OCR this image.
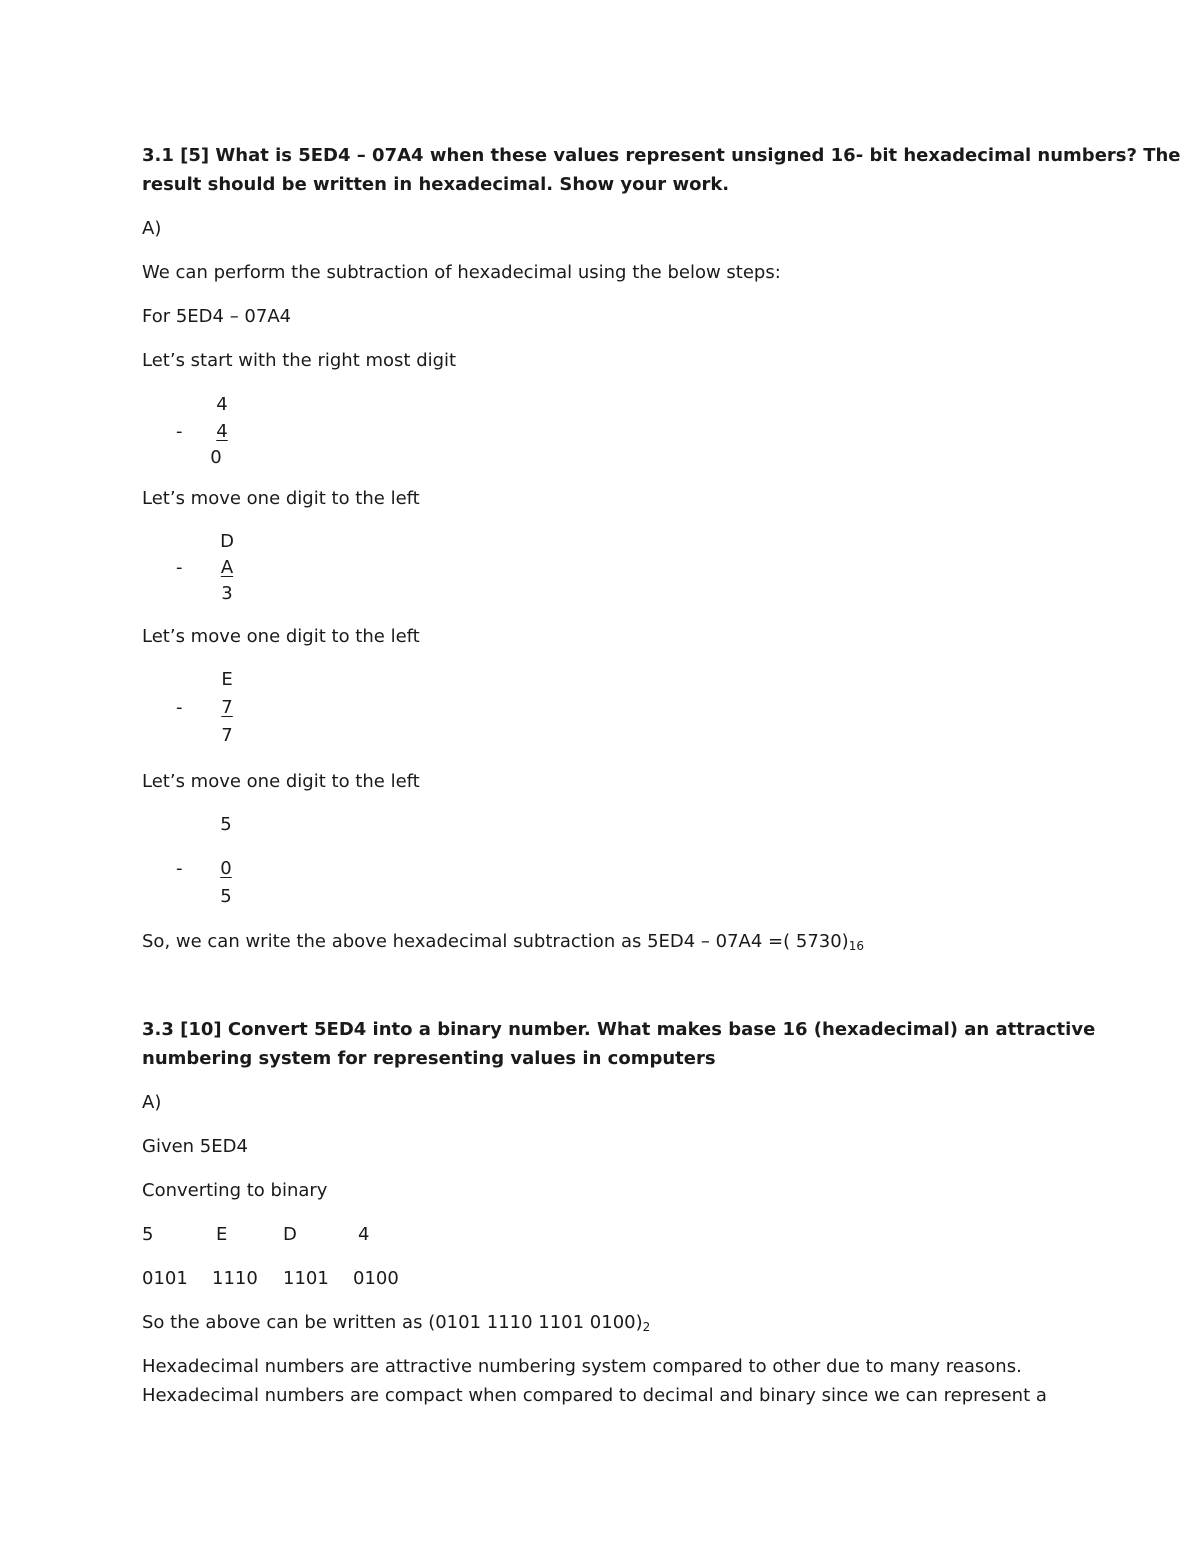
3.1 [5] What is 5ED4 – 07A4 when these values represent unsigned 16- bit hexadecimal numbers? The

result should be written in hexadecimal. Show your work.

A)

We can perform the subtraction of hexadecimal using the below steps:

For 5ED4 – 07A4

Let’s start with the right most digit

4

-	4

0

Let’s move one digit to the left

D

-	A

3

Let’s move one digit to the left

E

-	7

7

Let’s move one digit to the left

5

-	0

5

So, we can write the above hexadecimal subtraction as 5ED4 – 07A4 =( $5730)_{16}$

3.3 [10] Convert 5ED4 into a binary number. What makes base 16 (hexadecimal) an attractive

numbering system for representing values in computers

A)

Given 5ED4

Converting to binary

5	E	D	4

0101 1110 1101 0100

So the above can be written as (0101 1110 1101 $0100)_2$

Hexadecimal numbers are attractive numbering system compared to other due to many reasons.

Hexadecimal numbers are compact when compared to decimal and binary since we can represent a
